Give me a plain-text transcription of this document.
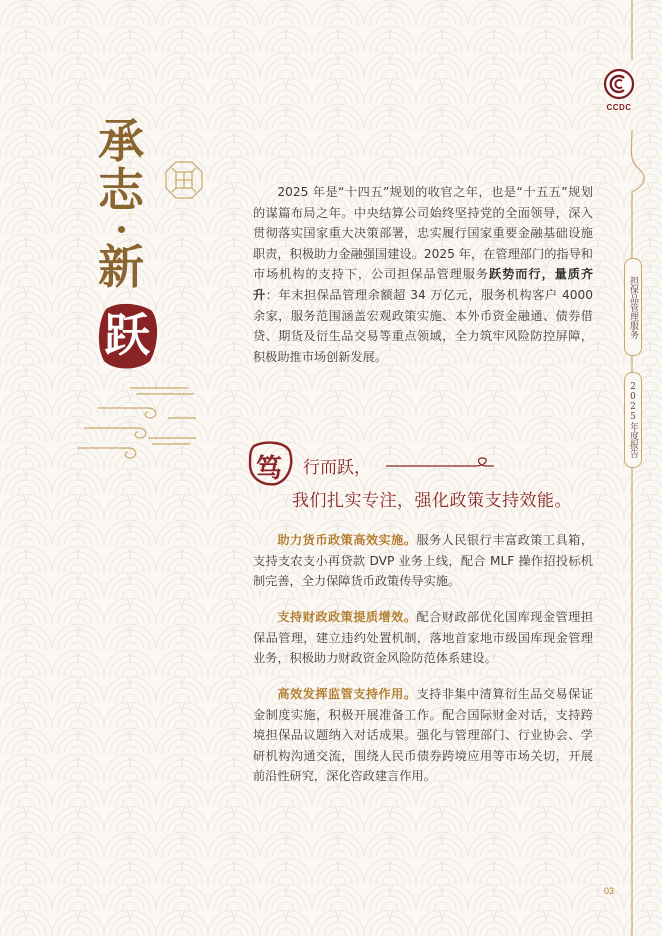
CCDC
担保品管理服务
2025年度报告
承
志
新
跃
2025 年是“十四五”规划的收官之年，也是“十五五”规划的谋篇布局之年。中央结算公司始终坚持党的全面领导，深入贯彻落实国家重大决策部署，忠实履行国家重要金融基础设施职责，积极助力金融强国建设。2025 年，在管理部门的指导和市场机构的支持下，公司担保品管理服务跃势而行，量质齐升：年末担保品管理余额超 34 万亿元，服务机构客户 4000 余家，服务范围涵盖宏观政策实施、本外币资金融通、债券借贷、期货及衍生品交易等重点领域，全力筑牢风险防控屏障，积极助推市场创新发展。
笃 行而跃，
我们扎实专注，强化政策支持效能。
助力货币政策高效实施。服务人民银行丰富政策工具箱，支持支农支小再贷款 DVP 业务上线，配合 MLF 操作招投标机制完善，全力保障货币政策传导实施。
支持财政政策提质增效。配合财政部优化国库现金管理担保品管理，建立违约处置机制，落地首家地市级国库现金管理业务，积极助力财政资金风险防范体系建设。
高效发挥监管支持作用。支持非集中清算衍生品交易保证金制度实施，积极开展准备工作。配合国际财金对话，支持跨境担保品议题纳入对话成果。强化与管理部门、行业协会、学研机构沟通交流，围绕人民币债券跨境应用等市场关切，开展前沿性研究，深化咨政建言作用。
03
